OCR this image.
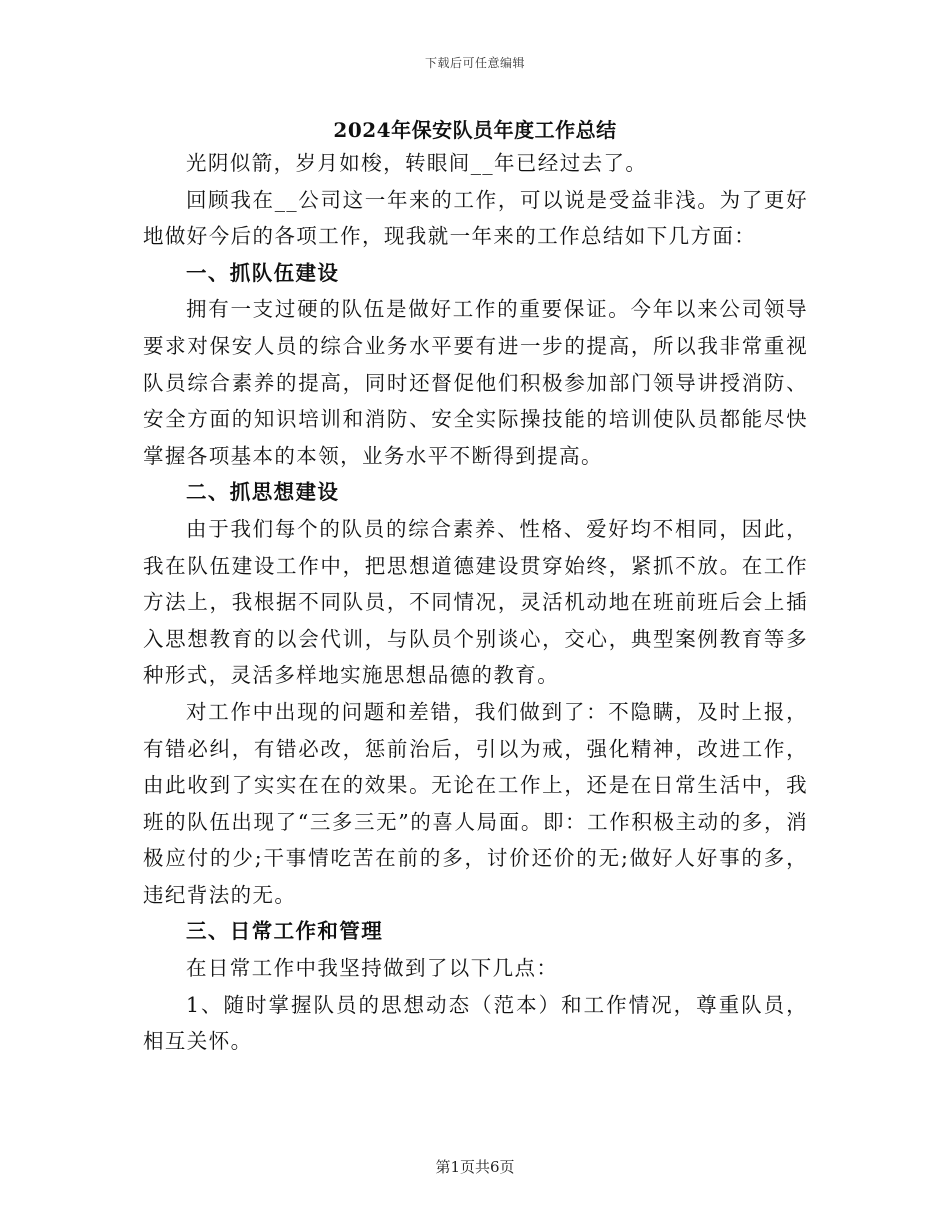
下载后可任意编辑
2024年保安队员年度工作总结

光阴似箭，岁月如梭，转眼间__年已经过去了。

回顾我在__公司这一年来的工作，可以说是受益非浅。为了更好地做好今后的各项工作，现我就一年来的工作总结如下几方面：

一、抓队伍建设

拥有一支过硬的队伍是做好工作的重要保证。今年以来公司领导要求对保安人员的综合业务水平要有进一步的提高，所以我非常重视队员综合素养的提高，同时还督促他们积极参加部门领导讲授消防、安全方面的知识培训和消防、安全实际操技能的培训使队员都能尽快掌握各项基本的本领，业务水平不断得到提高。

二、抓思想建设

由于我们每个的队员的综合素养、性格、爱好均不相同，因此，我在队伍建设工作中，把思想道德建设贯穿始终，紧抓不放。在工作方法上，我根据不同队员，不同情况，灵活机动地在班前班后会上插入思想教育的以会代训，与队员个别谈心，交心，典型案例教育等多种形式，灵活多样地实施思想品德的教育。

对工作中出现的问题和差错，我们做到了：不隐瞒，及时上报，有错必纠，有错必改，惩前治后，引以为戒，强化精神，改进工作，由此收到了实实在在的效果。无论在工作上，还是在日常生活中，我班的队伍出现了“三多三无”的喜人局面。即：工作积极主动的多，消极应付的少;干事情吃苦在前的多，讨价还价的无;做好人好事的多，违纪背法的无。

三、日常工作和管理

在日常工作中我坚持做到了以下几点：

1、随时掌握队员的思想动态（范本）和工作情况，尊重队员，相互关怀。

第1页共6页
